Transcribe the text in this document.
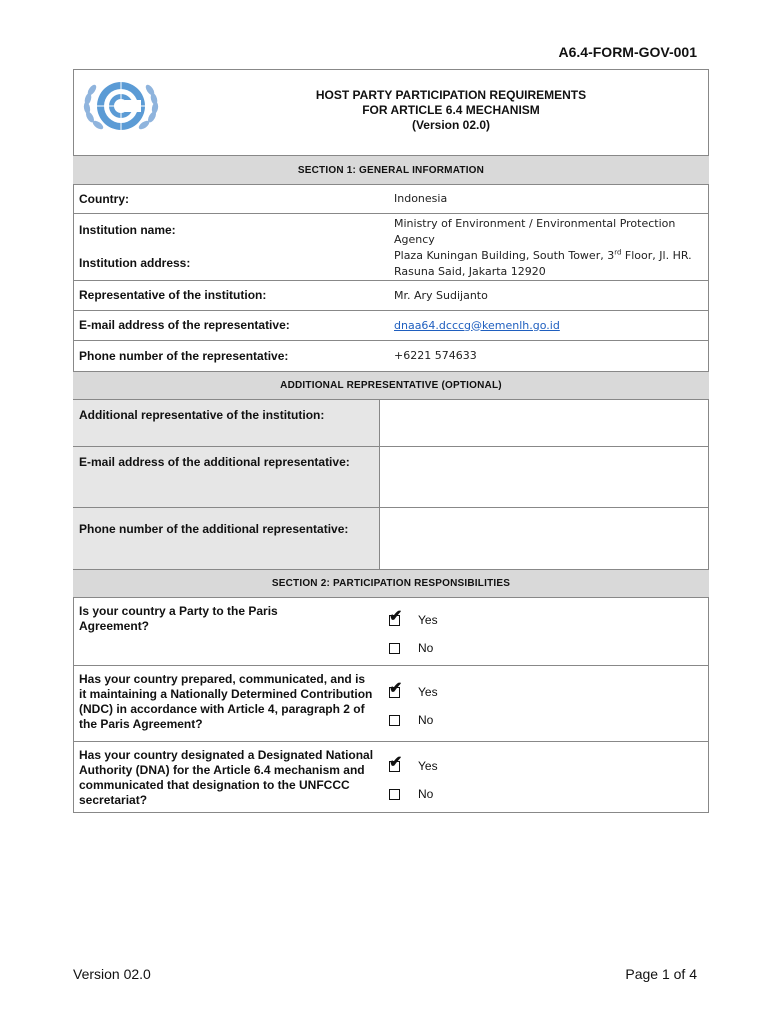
A6.4-FORM-GOV-001
HOST PARTY PARTICIPATION REQUIREMENTS
FOR ARTICLE 6.4 MECHANISM
(Version 02.0)
SECTION 1: GENERAL INFORMATION
Country:	Indonesia
Institution name:	Ministry of Environment / Environmental Protection Agency
Institution address:
Plaza Kuningan Building, South Tower, 3rd Floor, Jl. HR. Rasuna Said, Jakarta 12920
Representative of the institution:	Mr. Ary Sudijanto
E-mail address of the representative:	dnaa64.dcccg@kemenlh.go.id
Phone number of the representative:	+6221 574633
ADDITIONAL REPRESENTATIVE (OPTIONAL)
Additional representative of the institution:
E-mail address of the additional representative:
Phone number of the additional representative:
SECTION 2: PARTICIPATION RESPONSIBILITIES
Is your country a Party to the Paris Agreement?
✔ Yes
No
Has your country prepared, communicated, and is it maintaining a Nationally Determined Contribution (NDC) in accordance with Article 4, paragraph 2 of the Paris Agreement?
✔ Yes
No
Has your country designated a Designated National Authority (DNA) for the Article 6.4 mechanism and communicated that designation to the UNFCCC secretariat?
✔ Yes
No
Version 02.0	Page 1 of 4
